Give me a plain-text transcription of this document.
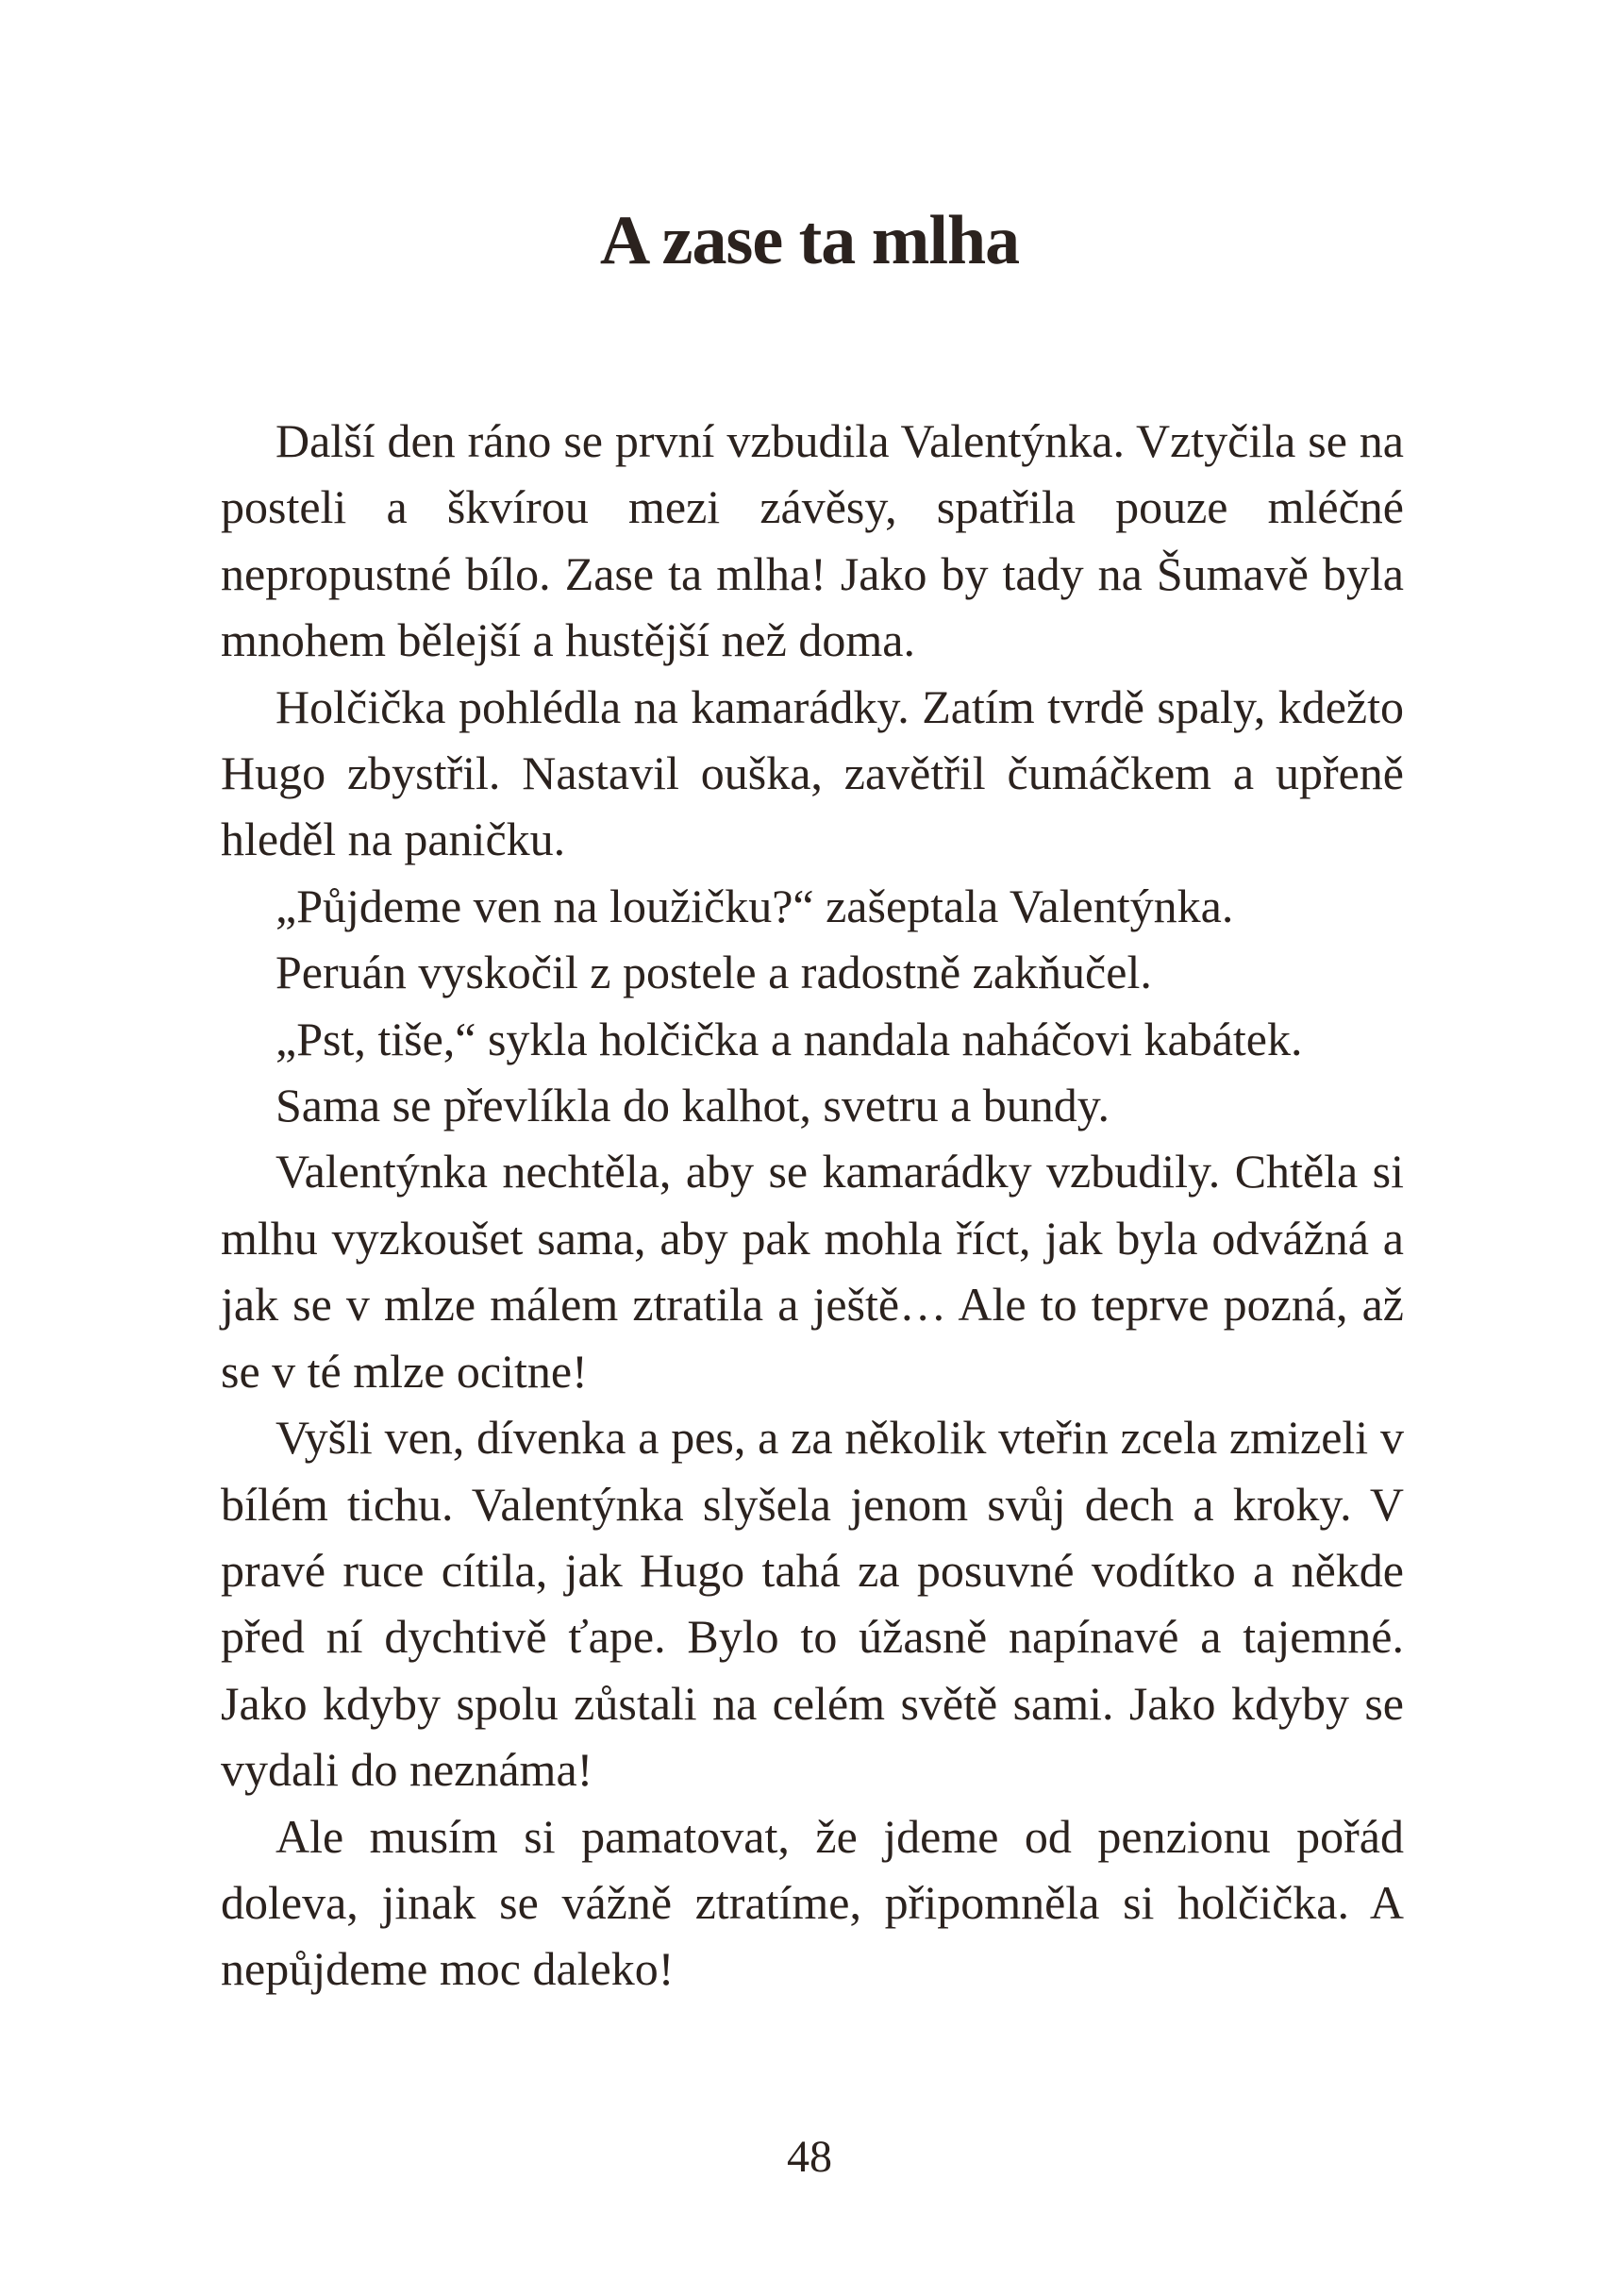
A zase ta mlha

Další den ráno se první vzbudila Valentýnka. Vztyčila se na posteli a škvírou mezi závěsy, spatřila pouze mléčné nepropustné bílo. Zase ta mlha! Jako by tady na Šumavě byla mnohem bělejší a hustější než doma.

Holčička pohlédla na kamarádky. Zatím tvrdě spaly, kdežto Hugo zbystřil. Nastavil ouška, zavětřil čumáčkem a upřeně hleděl na paničku.

„Půjdeme ven na loužičku?“ zašeptala Valentýnka.

Peruán vyskočil z postele a radostně zakňučel.

„Pst, tiše,“ sykla holčička a nandala naháčovi kabátek.

Sama se převlíkla do kalhot, svetru a bundy.

Valentýnka nechtěla, aby se kamarádky vzbudily. Chtěla si mlhu vyzkoušet sama, aby pak mohla říct, jak byla odvážná a jak se v mlze málem ztratila a ještě… Ale to teprve pozná, až se v té mlze ocitne!

Vyšli ven, dívenka a pes, a za několik vteřin zcela zmizeli v bílém tichu. Valentýnka slyšela jenom svůj dech a kroky. V pravé ruce cítila, jak Hugo tahá za posuvné vodítko a někde před ní dychtivě ťape. Bylo to úžasně napínavé a tajemné. Jako kdyby spolu zůstali na celém světě sami. Jako kdyby se vydali do neznáma!

Ale musím si pamatovat, že jdeme od penzionu pořád doleva, jinak se vážně ztratíme, připomněla si holčička. A nepůjdeme moc daleko!

48
